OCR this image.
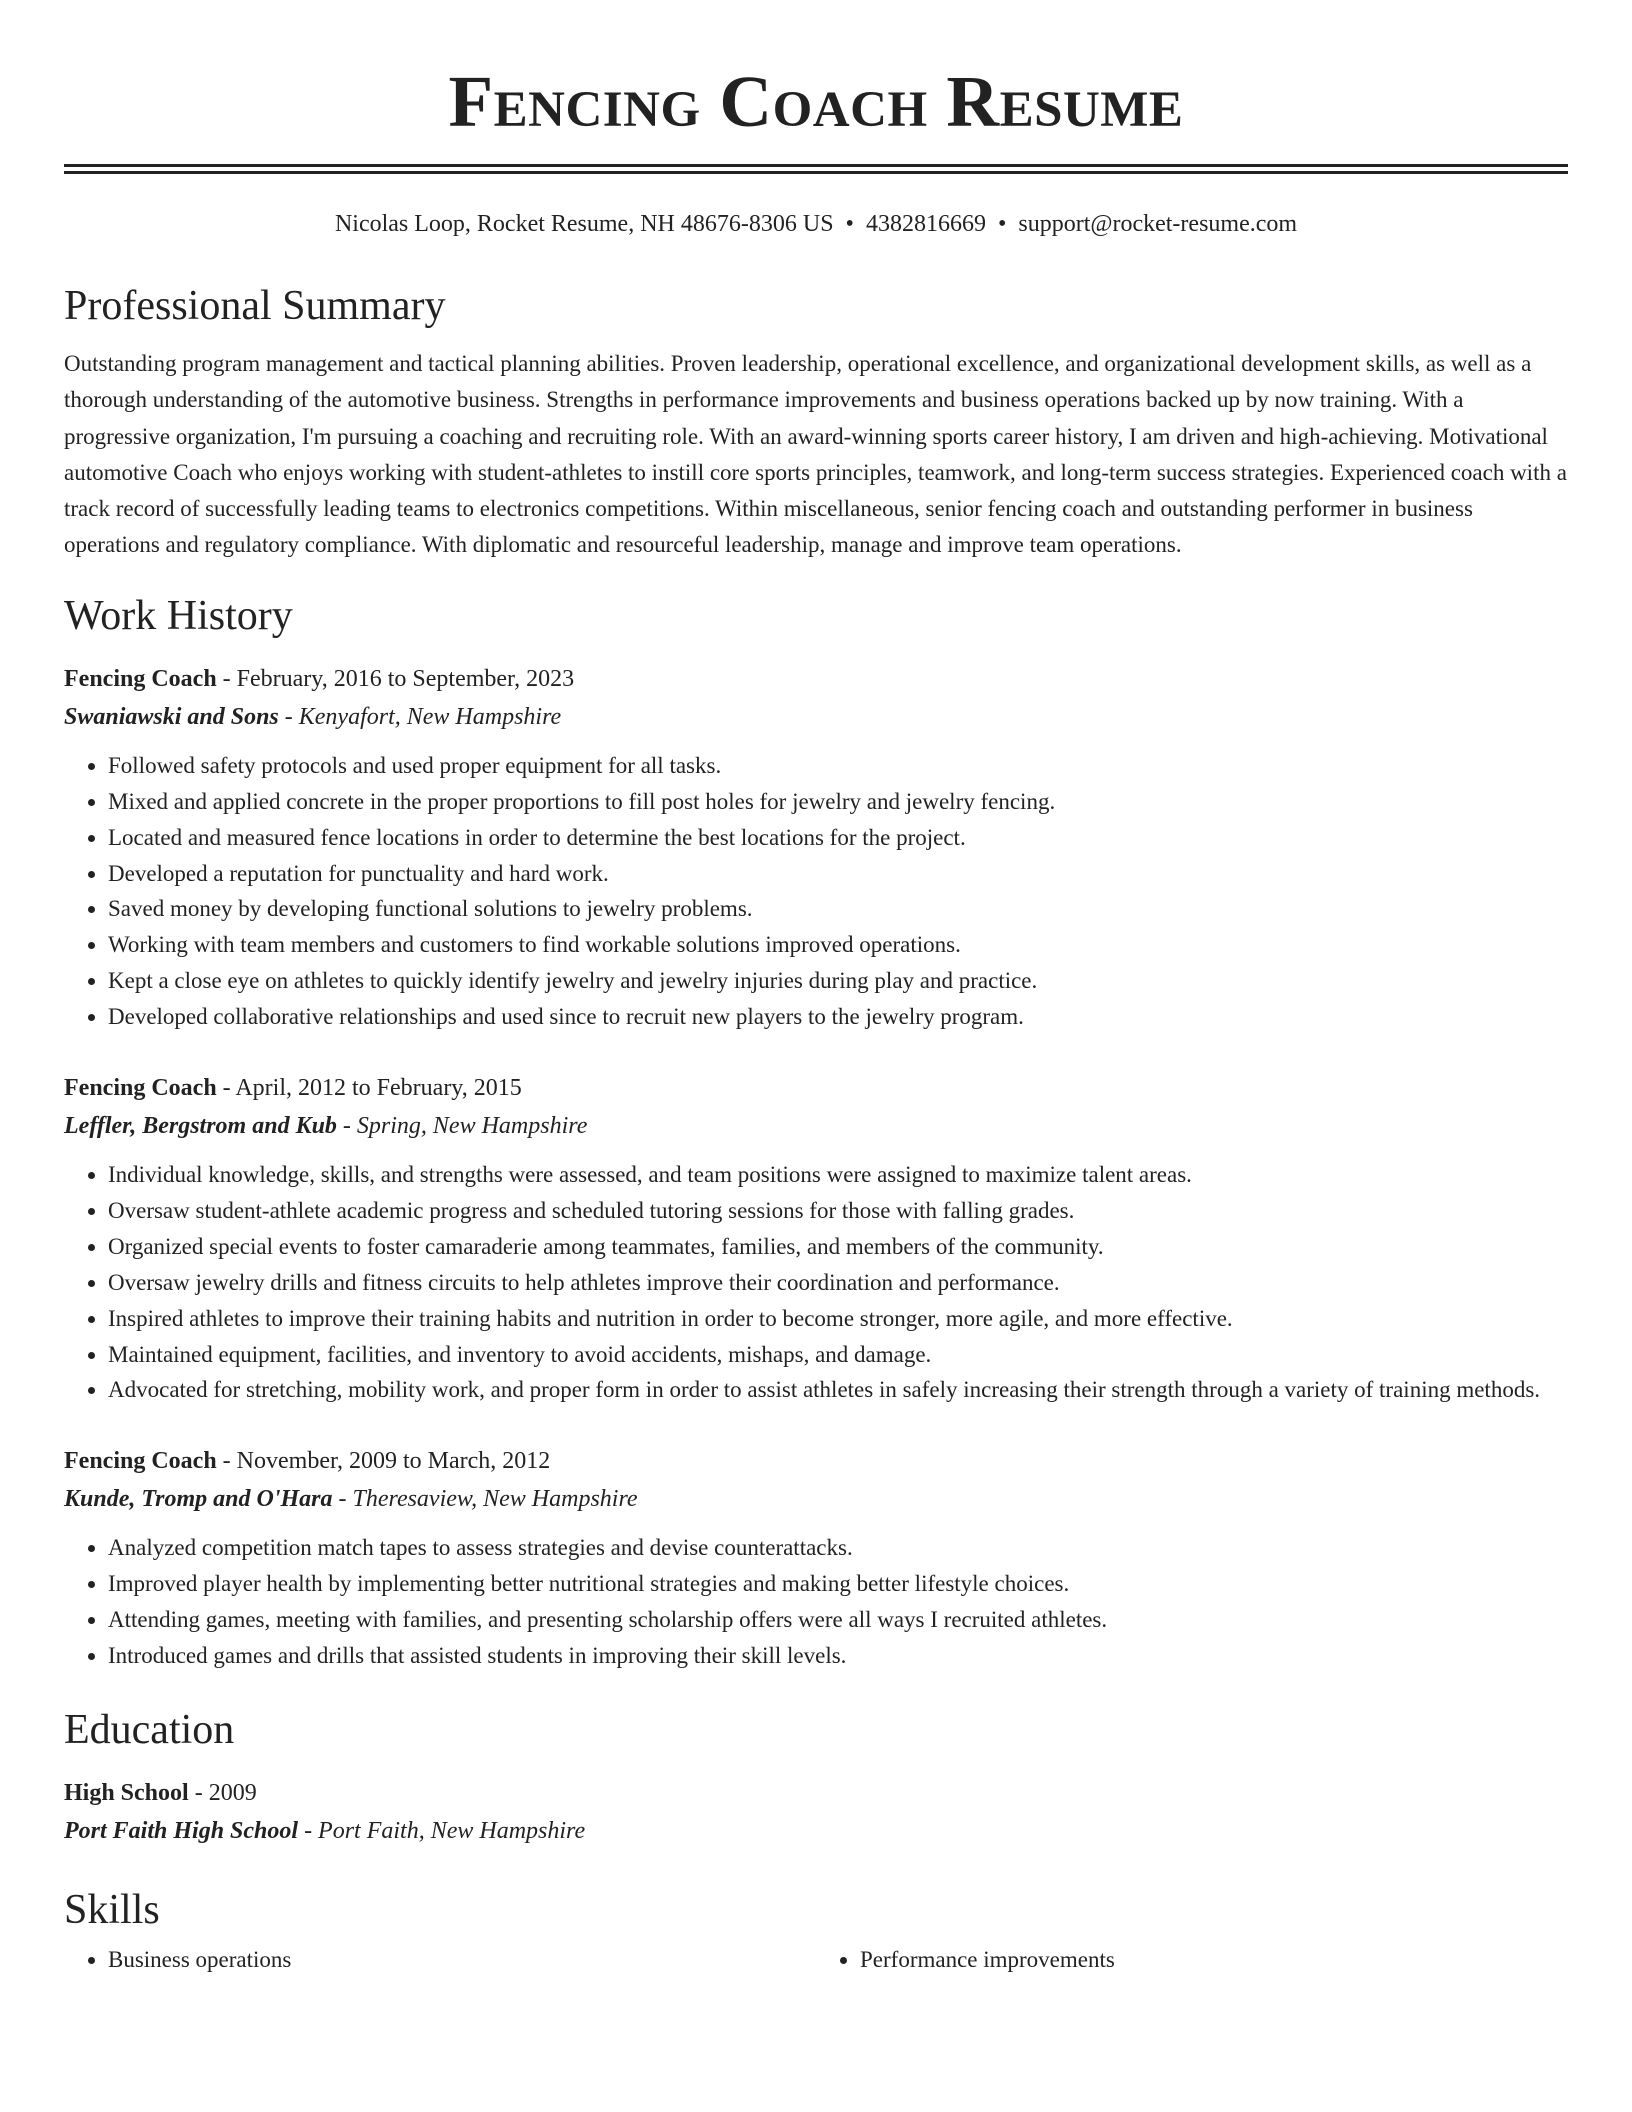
Fencing Coach Resume
Nicolas Loop, Rocket Resume, NH 48676-8306 US • 4382816669 • support@rocket-resume.com
Professional Summary

Outstanding program management and tactical planning abilities. Proven leadership, operational excellence, and organizational development skills, as well as a thorough understanding of the automotive business. Strengths in performance improvements and business operations backed up by now training. With a progressive organization, I'm pursuing a coaching and recruiting role. With an award-winning sports career history, I am driven and high-achieving. Motivational automotive Coach who enjoys working with student-athletes to instill core sports principles, teamwork, and long-term success strategies. Experienced coach with a track record of successfully leading teams to electronics competitions. Within miscellaneous, senior fencing coach and outstanding performer in business operations and regulatory compliance. With diplomatic and resourceful leadership, manage and improve team operations.

Work History
Fencing Coach - February, 2016 to September, 2023
Swaniawski and Sons - Kenyafort, New Hampshire
• Followed safety protocols and used proper equipment for all tasks.
• Mixed and applied concrete in the proper proportions to fill post holes for jewelry and jewelry fencing.
• Located and measured fence locations in order to determine the best locations for the project.
• Developed a reputation for punctuality and hard work.
• Saved money by developing functional solutions to jewelry problems.
• Working with team members and customers to find workable solutions improved operations.
• Kept a close eye on athletes to quickly identify jewelry and jewelry injuries during play and practice.
• Developed collaborative relationships and used since to recruit new players to the jewelry program.
Fencing Coach - April, 2012 to February, 2015
Leffler, Bergstrom and Kub - Spring, New Hampshire
• Individual knowledge, skills, and strengths were assessed, and team positions were assigned to maximize talent areas.
• Oversaw student-athlete academic progress and scheduled tutoring sessions for those with falling grades.
• Organized special events to foster camaraderie among teammates, families, and members of the community.
• Oversaw jewelry drills and fitness circuits to help athletes improve their coordination and performance.
• Inspired athletes to improve their training habits and nutrition in order to become stronger, more agile, and more effective.
• Maintained equipment, facilities, and inventory to avoid accidents, mishaps, and damage.
• Advocated for stretching, mobility work, and proper form in order to assist athletes in safely increasing their strength through a variety of training methods.
Fencing Coach - November, 2009 to March, 2012
Kunde, Tromp and O'Hara - Theresaview, New Hampshire
• Analyzed competition match tapes to assess strategies and devise counterattacks.
• Improved player health by implementing better nutritional strategies and making better lifestyle choices.
• Attending games, meeting with families, and presenting scholarship offers were all ways I recruited athletes.
• Introduced games and drills that assisted students in improving their skill levels.
Education
High School - 2009
Port Faith High School - Port Faith, New Hampshire
Skills
• Business operations
•	Performance improvements
